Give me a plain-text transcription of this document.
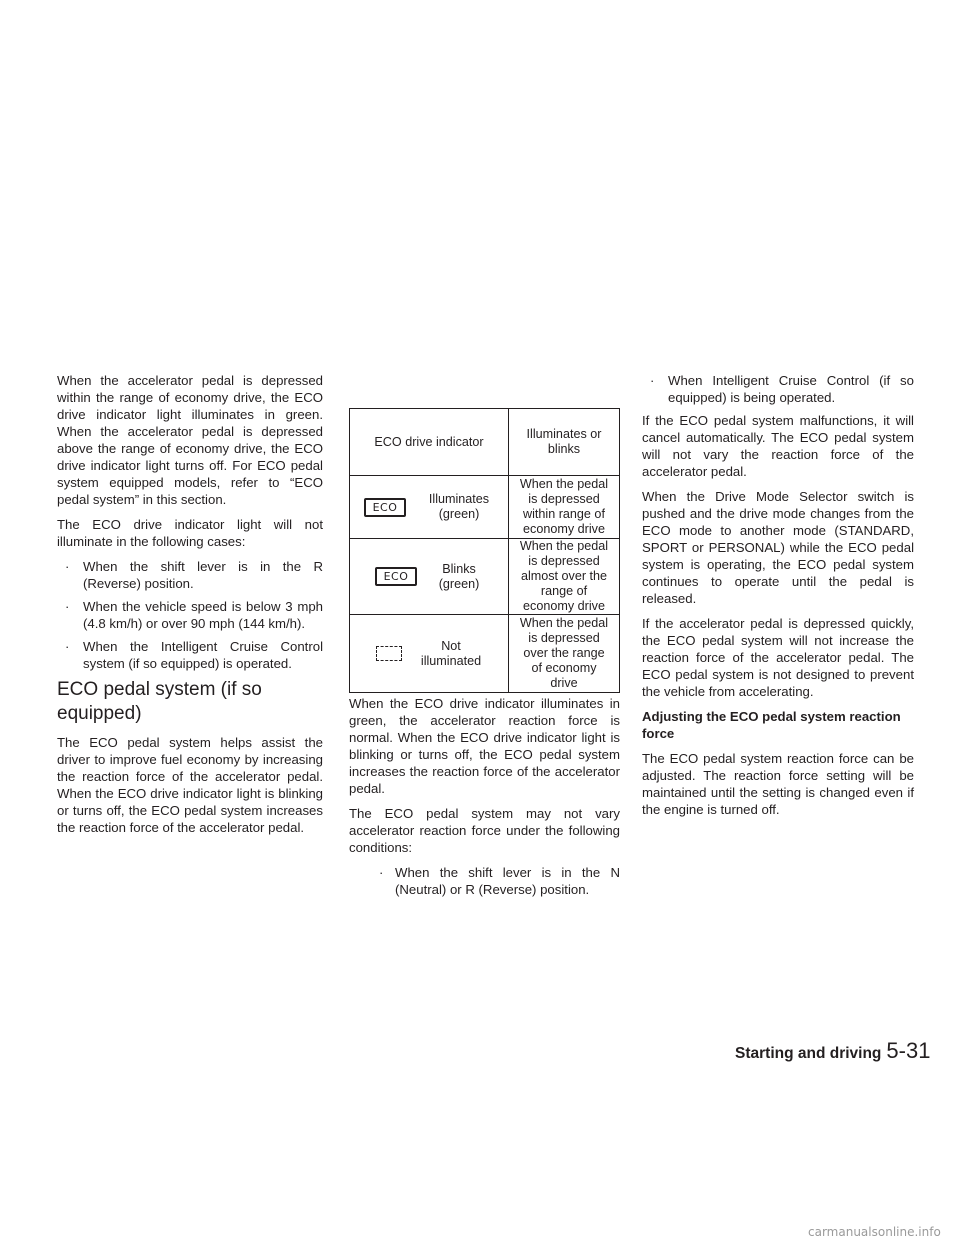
When the accelerator pedal is depressed within the range of economy drive, the ECO drive indicator light illuminates in green. When the accelerator pedal is depressed above the range of economy drive, the ECO drive indicator light turns off. For ECO pedal system equipped models, refer to “ECO pedal system” in this section.

The ECO drive indicator light will not illuminate in the following cases:

· When the shift lever is in the R (Reverse) position.
· When the vehicle speed is below 3 mph (4.8 km/h) or over 90 mph (144 km/h).
· When the Intelligent Cruise Control system (if so equipped) is operated.
ECO pedal system (if so equipped)

The ECO pedal system helps assist the driver to improve fuel economy by increasing the reaction force of the accelerator pedal. When the ECO drive indicator light is blinking or turns off, the ECO pedal system increases the reaction force of the accelerator pedal.

ECO drive indicator	Illuminates or blinks

ECO
Illuminates (green)	When the pedal is depressed within range of economy drive

ECO
Blinks (green)	When the pedal is depressed almost over the range of economy drive

Not illuminated	When the pedal is depressed over the range of economy drive

When the ECO drive indicator illuminates in green, the accelerator reaction force is normal. When the ECO drive indicator light is blinking or turns off, the ECO pedal system increases the reaction force of the accelerator pedal.

The ECO pedal system may not vary accelerator reaction force under the following conditions:

· When the shift lever is in the N (Neutral) or R (Reverse) position.
· When Intelligent Cruise Control (if so equipped) is being operated.

If the ECO pedal system malfunctions, it will cancel automatically. The ECO pedal system will not vary the reaction force of the accelerator pedal.

When the Drive Mode Selector switch is pushed and the drive mode changes from the ECO mode to another mode (STANDARD, SPORT or PERSONAL) while the ECO pedal system is operating, the ECO pedal system continues to operate until the pedal is released.

If the accelerator pedal is depressed quickly, the ECO pedal system will not increase the reaction force of the accelerator pedal. The ECO pedal system is not designed to prevent the vehicle from accelerating.

Adjusting the ECO pedal system reaction force

The ECO pedal system reaction force can be adjusted. The reaction force setting will be maintained until the setting is changed even if the engine is turned off.

Starting and driving 5-31
carmanualsonline.info
